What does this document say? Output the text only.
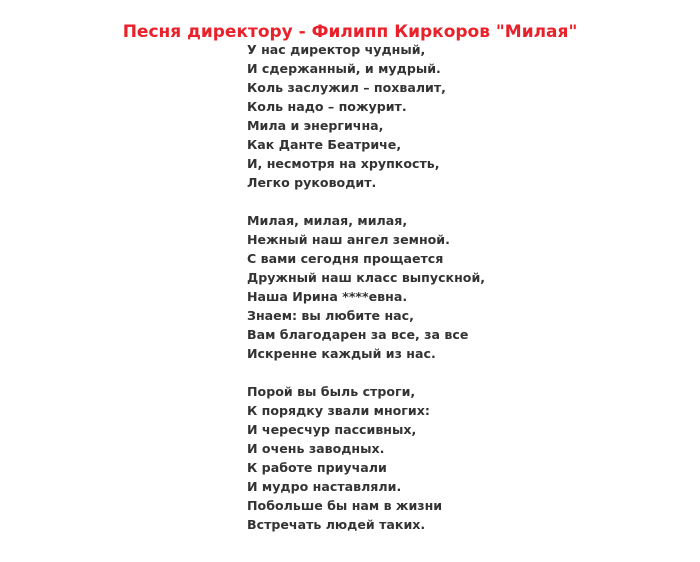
Песня директору - Филипп Киркоров "Милая"
У нас директор чудный,
И сдержанный, и мудрый.
Коль заслужил – похвалит,
Коль надо – пожурит.
Мила и энергична,
Как Данте Беатриче,
И, несмотря на хрупкость,
Легко руководит.
Милая, милая, милая,
Нежный наш ангел земной.
С вами сегодня прощается
Дружный наш класс выпускной,
Наша Ирина ****евна.
Знаем: вы любите нас,
Вам благодарен за все, за все
Искренне каждый из нас.
Порой вы быль строги,
К порядку звали многих:
И чересчур пассивных,
И очень заводных.
К работе приучали
И мудро наставляли.
Побольше бы нам в жизни
Встречать людей таких.
